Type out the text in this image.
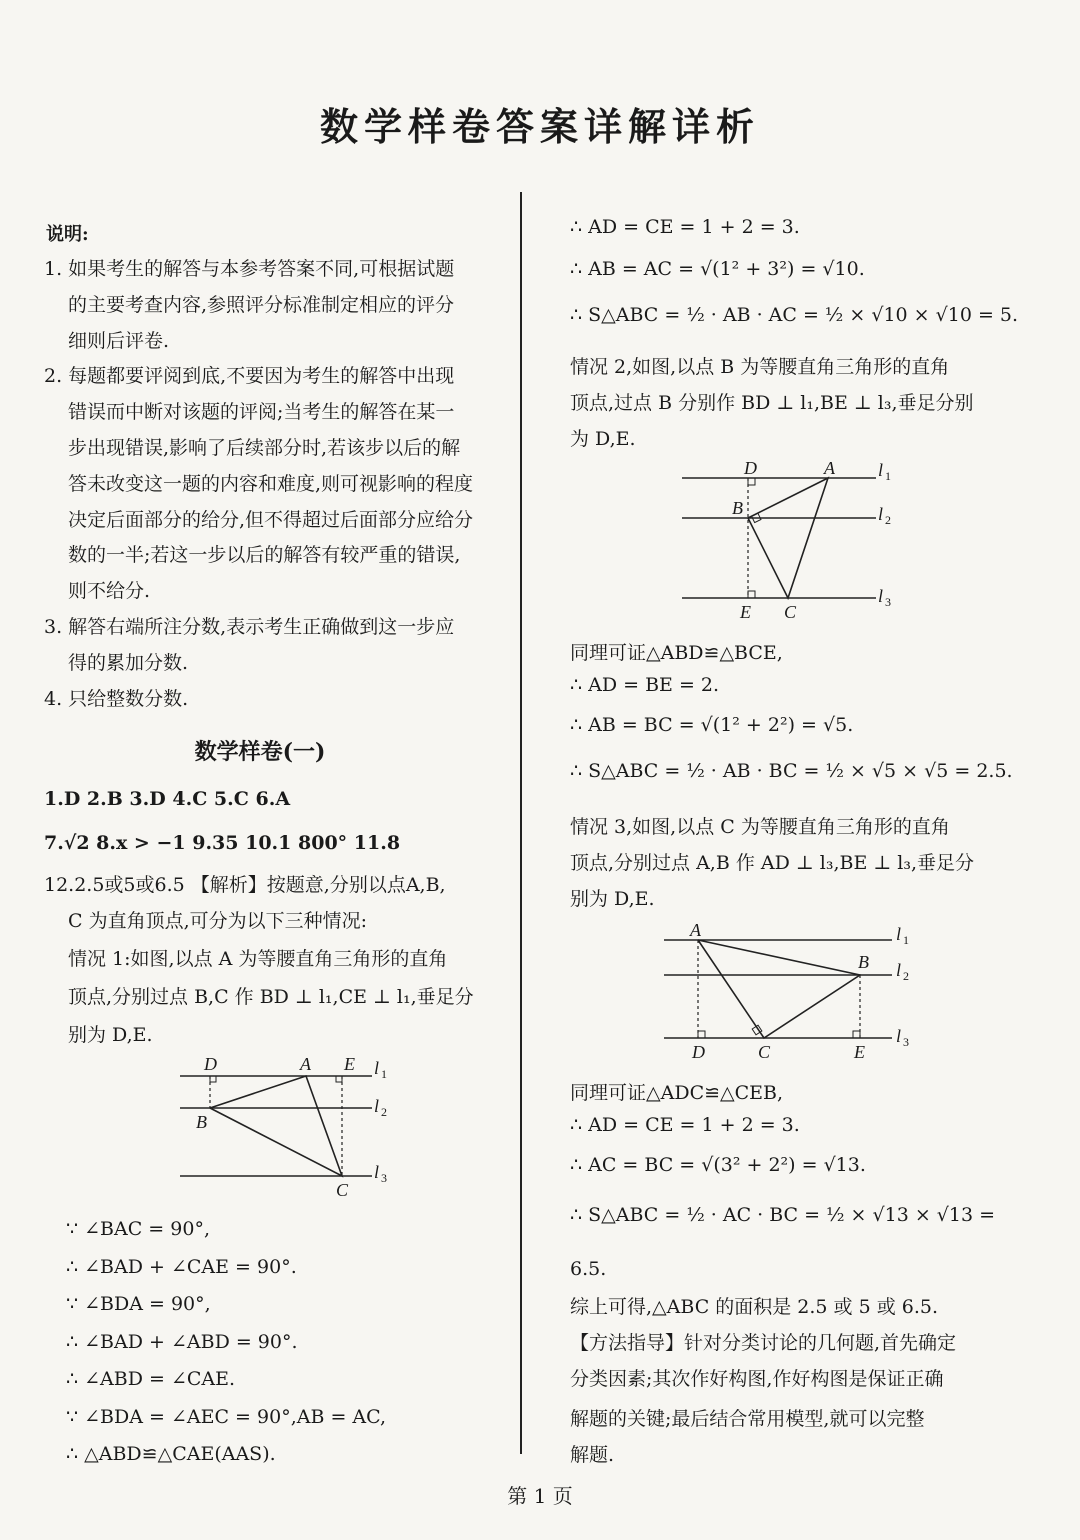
数学样卷答案详解详析
说明:
1. 如果考生的解答与本参考答案不同,可根据试题
的主要考查内容,参照评分标准制定相应的评分
细则后评卷.
2. 每题都要评阅到底,不要因为考生的解答中出现
错误而中断对该题的评阅;当考生的解答在某一
步出现错误,影响了后续部分时,若该步以后的解
答未改变这一题的内容和难度,则可视影响的程度
决定后面部分的给分,但不得超过后面部分应给分
数的一半;若这一步以后的解答有较严重的错误,
则不给分.
3. 解答右端所注分数,表示考生正确做到这一步应
得的累加分数.
4. 只给整数分数.
数学样卷(一)
1.D 2.B 3.D 4.C 5.C 6.A
7.√2 8.x > −1 9.35 10.1 800° 11.8
12.2.5或5或6.5 【解析】按题意,分别以点A,B,
C 为直角顶点,可分为以下三种情况:
情况 1:如图,以点 A 为等腰直角三角形的直角
顶点,分别过点 B,C 作 BD ⊥ l₁,CE ⊥ l₁,垂足分
别为 D,E.
D	A E
B
C
l 1
l 2
l 3
∵ ∠BAC = 90°,
∴ ∠BAD + ∠CAE = 90°.
∵ ∠BDA = 90°,
∴ ∠BAD + ∠ABD = 90°.
∴ ∠ABD = ∠CAE.
∵ ∠BDA = ∠AEC = 90°,AB = AC,
∴ △ABD≌△CAE(AAS).
∴ AD = CE = 1 + 2 = 3.
∴ AB = AC = √(1² + 3²) = √10.
∴ S△ABC = ½ · AB · AC = ½ × √10 × √10 = 5.
情况 2,如图,以点 B 为等腰直角三角形的直角
顶点,过点 B 分别作 BD ⊥ l₁,BE ⊥ l₃,垂足分别
为 D,E.
D	A
B
E C
l 1
l 2
l 3
同理可证△ABD≌△BCE,
∴ AD = BE = 2.
∴ AB = BC = √(1² + 2²) = √5.
∴ S△ABC = ½ · AB · BC = ½ × √5 × √5 = 2.5.
情况 3,如图,以点 C 为等腰直角三角形的直角
顶点,分别过点 A,B 作 AD ⊥ l₃,BE ⊥ l₃,垂足分
别为 D,E.
A
B
D	C	E
l 1
l 2
l 3
同理可证△ADC≌△CEB,
∴ AD = CE = 1 + 2 = 3.
∴ AC = BC = √(3² + 2²) = √13.
∴ S△ABC = ½ · AC · BC = ½ × √13 × √13 =
6.5.
综上可得,△ABC 的面积是 2.5 或 5 或 6.5.
【方法指导】针对分类讨论的几何题,首先确定
分类因素;其次作好构图,作好构图是保证正确
解题的关键;最后结合常用模型,就可以完整
解题.
第 1 页
